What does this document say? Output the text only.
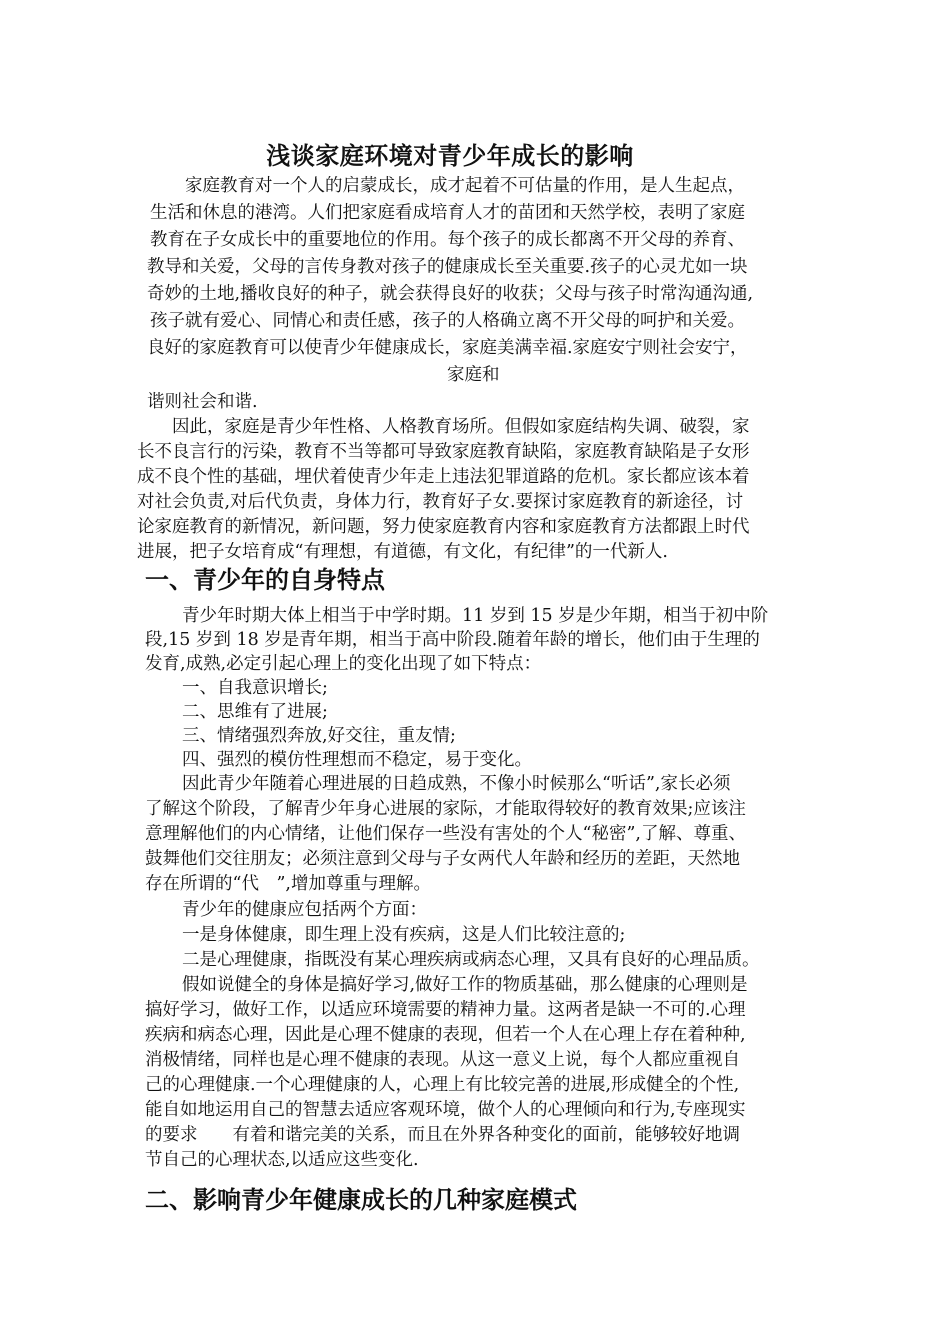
浅谈家庭环境对青少年成长的影响
家庭教育对一个人的启蒙成长，成才起着不可估量的作用，是人生起点，
生活和休息的港湾。人们把家庭看成培育人才的苗团和天然学校，表明了家庭
教育在子女成长中的重要地位的作用。每个孩子的成长都离不开父母的养育、
教导和关爱，父母的言传身教对孩子的健康成长至关重要.孩子的心灵尤如一块
奇妙的土地,播收良好的种子，就会获得良好的收获；父母与孩子时常沟通沟通,
孩子就有爱心、同情心和责任感，孩子的人格确立离不开父母的呵护和关爱。
良好的家庭教育可以使青少年健康成长，家庭美满幸福.家庭安宁则社会安宁，
家庭和
谐则社会和谐.
因此，家庭是青少年性格、人格教育场所。但假如家庭结构失调、破裂，家
长不良言行的污染，教育不当等都可导致家庭教育缺陷，家庭教育缺陷是子女形
成不良个性的基础，埋伏着使青少年走上违法犯罪道路的危机。家长都应该本着
对社会负责,对后代负责，身体力行，教育好子女.要探讨家庭教育的新途径，讨
论家庭教育的新情况，新问题，努力使家庭教育内容和家庭教育方法都跟上时代
进展，把子女培育成“有理想，有道德，有文化，有纪律”的一代新人.
一、青少年的自身特点
青少年时期大体上相当于中学时期。11 岁到 15 岁是少年期，相当于初中阶
段,15 岁到 18 岁是青年期，相当于高中阶段.随着年龄的增长，他们由于生理的
发育,成熟,必定引起心理上的变化出现了如下特点：
一、自我意识增长;
二、思维有了进展;
三、情绪强烈奔放,好交往，重友情;
四、强烈的模仿性理想而不稳定，易于变化。
因此青少年随着心理进展的日趋成熟，不像小时候那么“听话”,家长必须
了解这个阶段，了解青少年身心进展的家际，才能取得较好的教育效果;应该注
意理解他们的内心情绪，让他们保存一些没有害处的个人“秘密”,了解、尊重、
鼓舞他们交往朋友；必须注意到父母与子女两代人年龄和经历的差距，天然地
存在所谓的“代　”,增加尊重与理解。
青少年的健康应包括两个方面：
一是身体健康，即生理上没有疾病，这是人们比较注意的;
二是心理健康，指既没有某心理疾病或病态心理，又具有良好的心理品质。
假如说健全的身体是搞好学习,做好工作的物质基础，那么健康的心理则是
搞好学习，做好工作，以适应环境需要的精神力量。这两者是缺一不可的.心理
疾病和病态心理，因此是心理不健康的表现，但若一个人在心理上存在着种种,
消极情绪，同样也是心理不健康的表现。从这一意义上说，每个人都应重视自
己的心理健康.一个心理健康的人，心理上有比较完善的进展,形成健全的个性,
能自如地运用自己的智慧去适应客观环境，做个人的心理倾向和行为,专座现实
的要求　　有着和谐完美的关系，而且在外界各种变化的面前，能够较好地调
节自己的心理状态,以适应这些变化.
二、影响青少年健康成长的几种家庭模式
